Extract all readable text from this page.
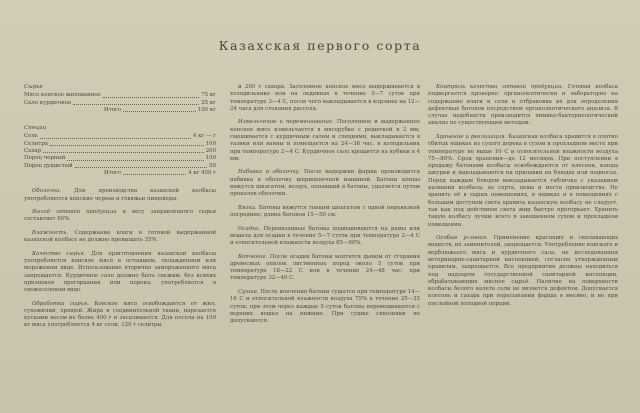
Казахская первого сорта
Сырье
Мясо конское жилованное	75 кг
Сало курдючное	25 кг
Итого	100 кг
Специи
Соль	4 кг — г
Селитра	100
Сахар	200
Перец черный	100
Перец душистый	50
Итого	4 кг 450 г

Оболочка. Для производства казахской колбасы употребляются конские черева и говяжьи пищеводы.

Выход готовой продукции к весу заправленного сырья составляет 60%.

Влажность. Содержание влаги в готовой выдержанной казахской колбасе не должно превышать 35%.

Качество сырья. Для приготовления казахской колбасы употребляется конское мясо в остывшем, охлажденном или мороженом виде. Использование вторично замороженного мяса запрещается. Курдючное сало должно быть свежим, без всяких признаков прогоркания или порока; употребляется в свежесоленом виде.

Обработка сырья. Конское мясо освобождается от жил, сухожилий, хрящей. Жира и соединительной ткани, нарезается кусками весом не более 400 г и засаливается. Для посола на 100 кг мяса употребляется 4 кг соли, 120 г селитры

и 200 г сахара. Засоленное конское мясо выдерживается в холодильнике или на ледниках в течение 3—7 суток при температуре 3—4 С, после чего выкладывается в корзины на 12—24 часа для стекания рассола.

Измельчение и перемешивание. Посоленное и выдержанное конское мясо измельчается в мясорубке с решеткой в 2 мм, смешивается с курдючным салом и специями, выкладывается в тазики или ванны и помещается на 24—36 час. в холодильник при температуре 2—4 С. Курдючное сало крошится на кубики в 4 мм.

Набивка в оболочку. После выдержки фарша производится набивка в оболочку шприцевочной машиной. Батоны концы вяжутся шпагатом; воздух, попавший в батоны, удаляется путем проколов оболочки.

Вязка. Батоны вяжутся тонким шпагатом с одной перевязкой посредине; длина батонов 15—50 см.

Осадка. Перевязанные батоны подвешиваются на рамы или вешала для осадки в течение 5—7 суток при температуре 2—4 С и относительной влажности воздуха 85—90%.

Копчение. После осадки батоны коптятся дымом от сгорания древесных опилок лиственных пород около 5 суток при температуре 18—22 С или в течение 24—48 час. при температуре 32—40 С.

Сушка. После копчения батоны сушатся при температуре 14—16 С и относительной влажности воздуха 75% в течение 25—35 суток; при этом через каждые 5 суток батоны перевешиваются с верхних вешал на нижние. При сушке сквозняки не допускаются.

Контроль качества готовой продукции. Готовая колбаса подвергается проверке: органолептически и лабораторно на содержание влаги и соли и отбраковка их для определения дефектных батонов посредством органолептического анализа. В случае надобности производится химико-бактериологический анализ по существующим методам.

Хранение и реализация. Казахская колбаса хранится в плотно сбитых ящиках из сухого дерева в сухом и прохладном месте при температуре не выше 10 С и относительной влажности воздуха 75—80%. Срок хранения—до 12 месяцев. При поступлении в продажу батонами колбасы освобождаются от плесени, концы шкурки и выкладываются на прилавки на блюдах или подносах. Перед каждым блюдом выкладывается табличка с указанием названия колбасы, ее сорта, цены и места производства. Не хранить её в сырых помещениях, в ящиках и в помещениях с большим доступом света хранить казахскую колбасу не следует, так как под действием света жир быстро прогоркает. Хранить такую колбасу лучше всего в завешенном сухом и прохладном помещении.

Особые условия. Применение красящих и связывающих веществ, их заменителей, запрещается. Употребление конского и верблюжьего мяса и курдючного сала, не исследованных ветеринарно-санитарной инспекцией, согласно утвержденным правилам, запрещается. Все предприятия должны находиться под надзором государственной санитарной инспекции, обрабатывающих мясное сырьё. Наличие на поверхности колбасы белого налета соли не является дефектом. Допускается плесень и сахара при пересыпании фарша в месиво, и не при послойной холодной порции.
